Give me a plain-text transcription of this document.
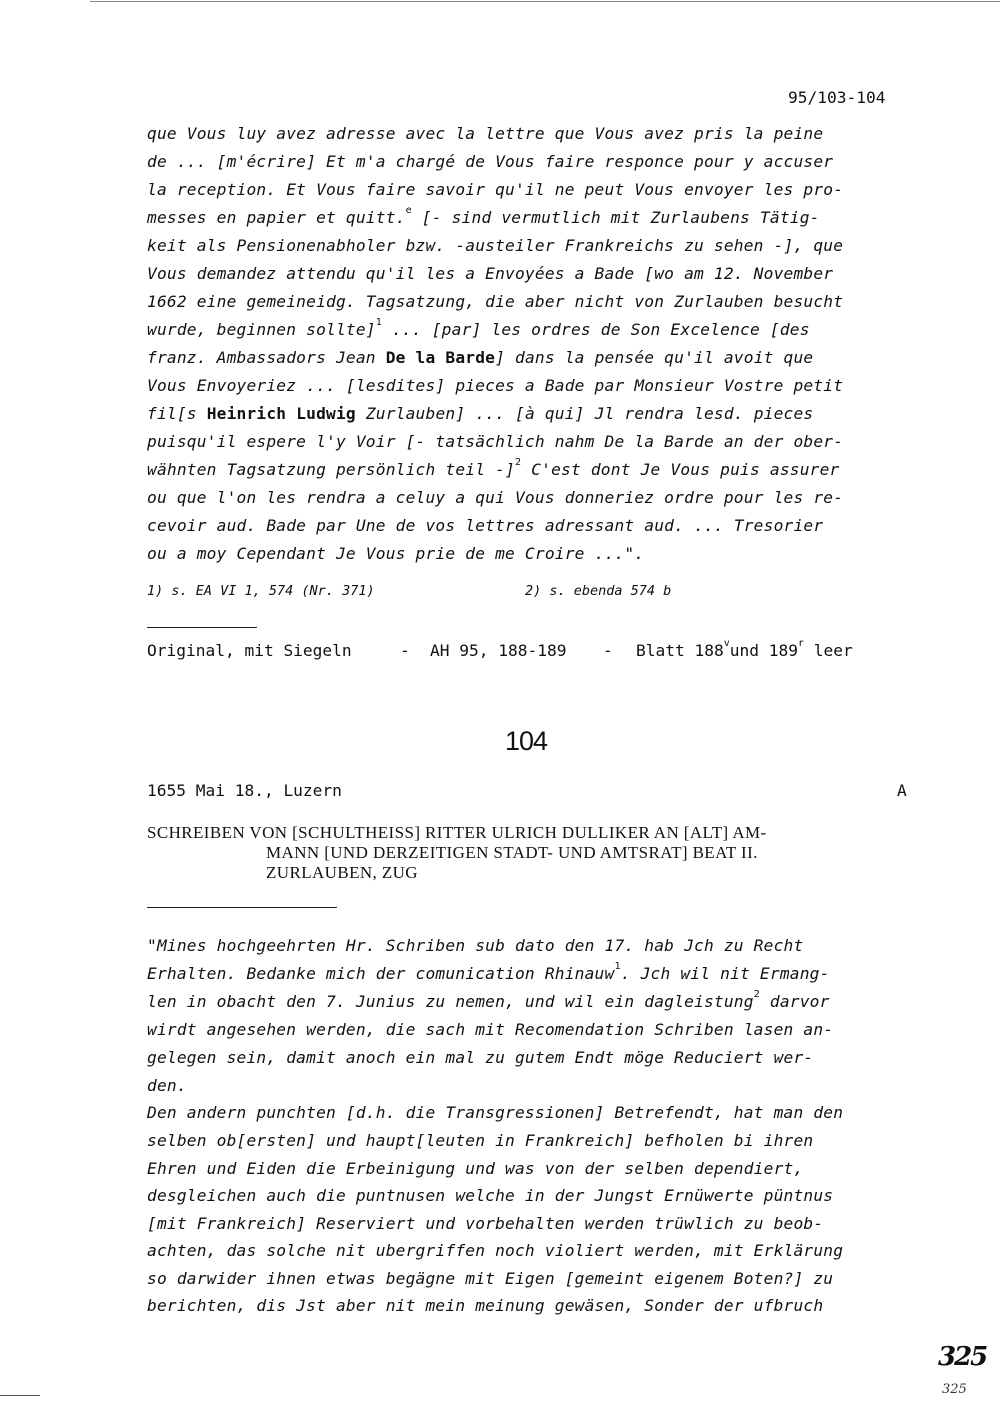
95/103-104
que Vous luy avez adresse avec la lettre que Vous avez pris la peine
de ... [m'écrire] Et m'a chargé de Vous faire responce pour y accuser
la reception. Et Vous faire savoir qu'il ne peut Vous envoyer les pro-
messes en papier et quitt.$^e$ [- sind vermutlich mit Zurlaubens Tätig-
keit als Pensionenabholer bzw. -austeiler Frankreichs zu sehen -], que
Vous demandez attendu qu'il les a Envoyées a Bade [wo am 12. November
1662 eine gemeineidg. Tagsatzung, die aber nicht von Zurlauben besucht
wurde, beginnen sollte]$^1$ ... [par] les ordres de Son Excelence [des
franz. Ambassadors Jean De la Barde] dans la pensée qu'il avoit que
Vous Envoyeriez ... [lesdites] pieces a Bade par Monsieur Vostre petit
fil[s Heinrich Ludwig Zurlauben] ... [à qui] Jl rendra lesd. pieces
puisqu'il espere l'y Voir [- tatsächlich nahm De la Barde an der ober-
wähnten Tagsatzung persönlich teil -]$^2$ C'est dont Je Vous puis assurer
ou que l'on les rendra a celuy a qui Vous donneriez ordre pour les re-
cevoir aud. Bade par Une de vos lettres adressant aud. ... Tresorier
ou a moy Cependant Je Vous prie de me Croire ...".
1) s. EA VI 1, 574 (Nr. 371)	2) s. ebenda 574 b
Original, mit Siegeln	- AH 95, 188-189 - Blatt 188$^v$und 189$^r$ leer
104
1655 Mai 18., Luzern	A
SCHREIBEN VON [SCHULTHEISS] RITTER ULRICH DULLIKER AN [ALT] AM-
MANN [UND DERZEITIGEN STADT- UND AMTSRAT] BEAT II.
ZURLAUBEN, ZUG
"Mines hochgeehrten Hr. Schriben sub dato den 17. hab Jch zu Recht
Erhalten. Bedanke mich der comunication Rhinauw$^1$. Jch wil nit Ermang-
len in obacht den 7. Junius zu nemen, und wil ein dagleistung$^2$ darvor
wirdt angesehen werden, die sach mit Recomendation Schriben lasen an-
gelegen sein, damit anoch ein mal zu gutem Endt möge Reduciert wer-
den.
Den andern punchten [d.h. die Transgressionen] Betrefendt, hat man den
selben ob[ersten] und haupt[leuten in Frankreich] befholen bi ihren
Ehren und Eiden die Erbeinigung und was von der selben dependiert,
desgleichen auch die puntnusen welche in der Jungst Ernüwerte püntnus
[mit Frankreich] Reserviert und vorbehalten werden trüwlich zu beob-
achten, das solche nit ubergriffen noch violiert werden, mit Erklärung
so darwider ihnen etwas begägne mit Eigen [gemeint eigenem Boten?] zu
berichten, dis Jst aber nit mein meinung gewäsen, Sonder der ufbruch
325
325
